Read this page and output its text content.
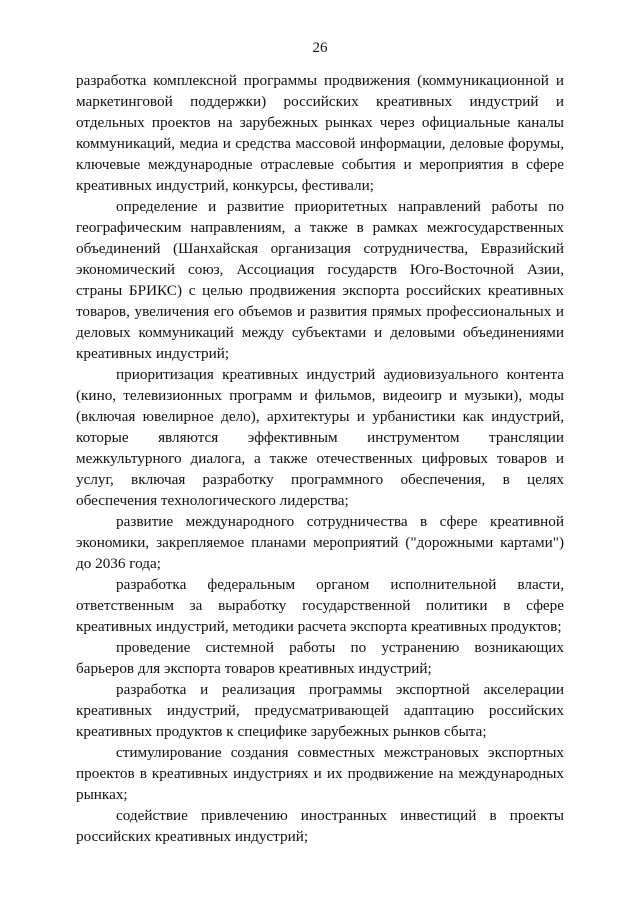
26

разработка комплексной программы продвижения (коммуникационной и маркетинговой поддержки) российских креативных индустрий и отдельных проектов на зарубежных рынках через официальные каналы коммуникаций, медиа и средства массовой информации, деловые форумы, ключевые международные отраслевые события и мероприятия в сфере креативных индустрий, конкурсы, фестивали;

определение и развитие приоритетных направлений работы по географическим направлениям, а также в рамках межгосударственных объединений (Шанхайская организация сотрудничества, Евразийский экономический союз, Ассоциация государств Юго-Восточной Азии, страны БРИКС) с целью продвижения экспорта российских креативных товаров, увеличения его объемов и развития прямых профессиональных и деловых коммуникаций между субъектами и деловыми объединениями креативных индустрий;

приоритизация креативных индустрий аудиовизуального контента (кино, телевизионных программ и фильмов, видеоигр и музыки), моды (включая ювелирное дело), архитектуры и урбанистики как индустрий, которые являются эффективным инструментом трансляции межкультурного диалога, а также отечественных цифровых товаров и услуг, включая разработку программного обеспечения, в целях обеспечения технологического лидерства;

развитие международного сотрудничества в сфере креативной экономики, закрепляемое планами мероприятий ("дорожными картами") до 2036 года;

разработка федеральным органом исполнительной власти, ответственным за выработку государственной политики в сфере креативных индустрий, методики расчета экспорта креативных продуктов;

проведение системной работы по устранению возникающих барьеров для экспорта товаров креативных индустрий;

разработка и реализация программы экспортной акселерации креативных индустрий, предусматривающей адаптацию российских креативных продуктов к специфике зарубежных рынков сбыта;

стимулирование создания совместных межстрановых экспортных проектов в креативных индустриях и их продвижение на международных рынках;

содействие привлечению иностранных инвестиций в проекты российских креативных индустрий;
